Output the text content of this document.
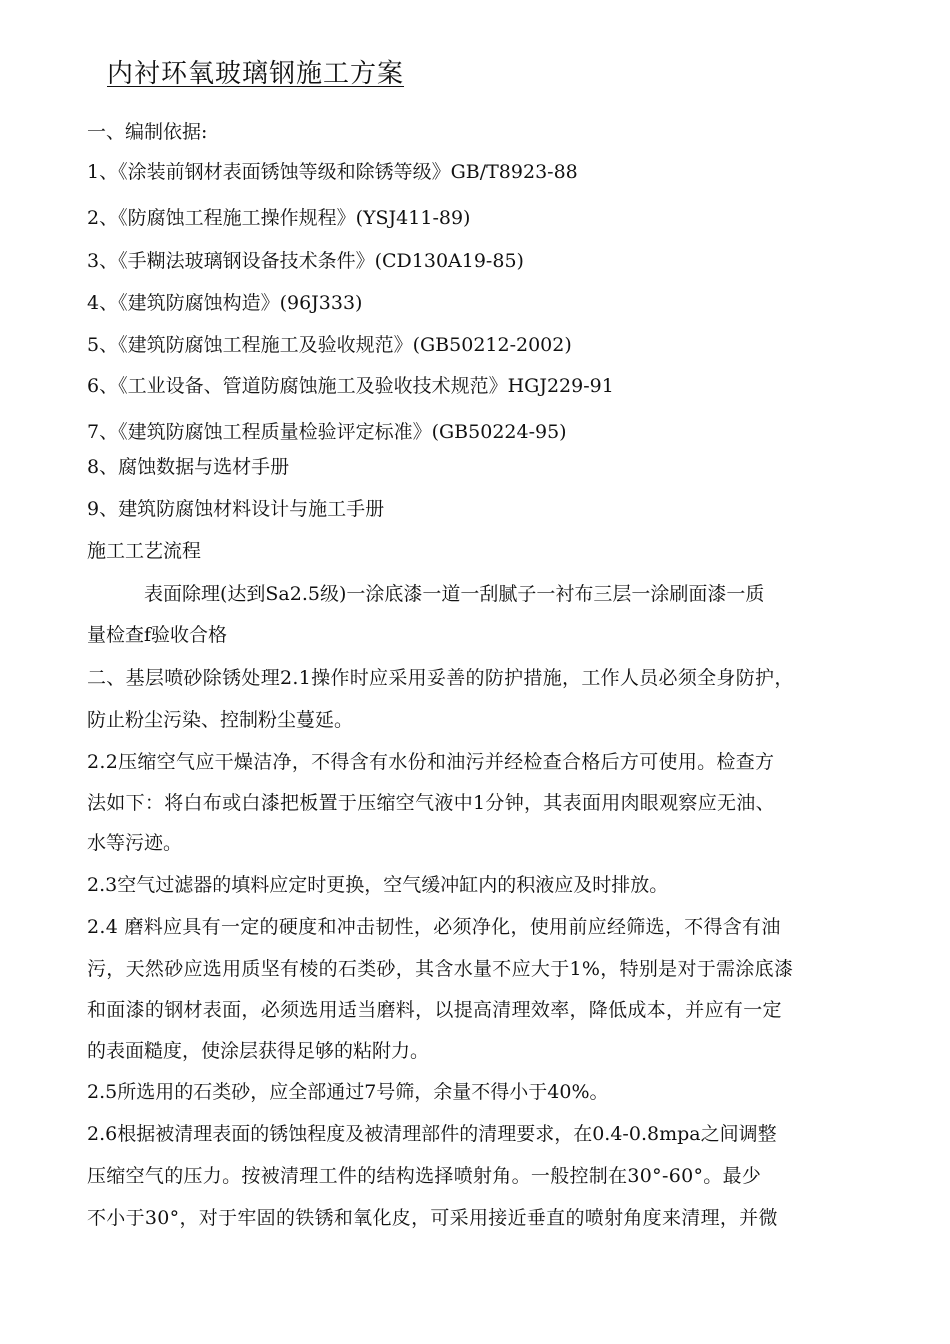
内衬环氧玻璃钢施工方案
一、编制依据:
1、《涂装前钢材表面锈蚀等级和除锈等级》GB/T8923-88
2、《防腐蚀工程施工操作规程》(YSJ411-89)
3、《手糊法玻璃钢设备技术条件》(CD130A19-85)
4、《建筑防腐蚀构造》(96J333)
5、《建筑防腐蚀工程施工及验收规范》(GB50212-2002)
6、《工业设备、管道防腐蚀施工及验收技术规范》HGJ229-91
7、《建筑防腐蚀工程质量检验评定标准》(GB50224-95)
8、腐蚀数据与选材手册
9、建筑防腐蚀材料设计与施工手册
施工工艺流程
表面除理(达到Sa2.5级)一涂底漆一道一刮腻子一衬布三层一涂刷面漆一质
量检查f验收合格
二、基层喷砂除锈处理2.1操作时应采用妥善的防护措施，工作人员必须全身防护，
防止粉尘污染、控制粉尘蔓延。
2.2压缩空气应干燥洁净，不得含有水份和油污并经检查合格后方可使用。检查方
法如下：将白布或白漆把板置于压缩空气液中1分钟，其表面用肉眼观察应无油、
水等污迹。
2.3空气过滤器的填料应定时更换，空气缓冲缸内的积液应及时排放。
2.4 磨料应具有一定的硬度和冲击韧性，必须净化，使用前应经筛选，不得含有油
污，天然砂应选用质坚有棱的石类砂，其含水量不应大于1%，特别是对于需涂底漆
和面漆的钢材表面，必须选用适当磨料，以提高清理效率，降低成本，并应有一定
的表面糙度，使涂层获得足够的粘附力。
2.5所选用的石类砂，应全部通过7号筛，余量不得小于40%。
2.6根据被清理表面的锈蚀程度及被清理部件的清理要求，在0.4-0.8mpa之间调整
压缩空气的压力。按被清理工件的结构选择喷射角。一般控制在30°-60°。最少
不小于30°，对于牢固的铁锈和氧化皮，可采用接近垂直的喷射角度来清理，并微
